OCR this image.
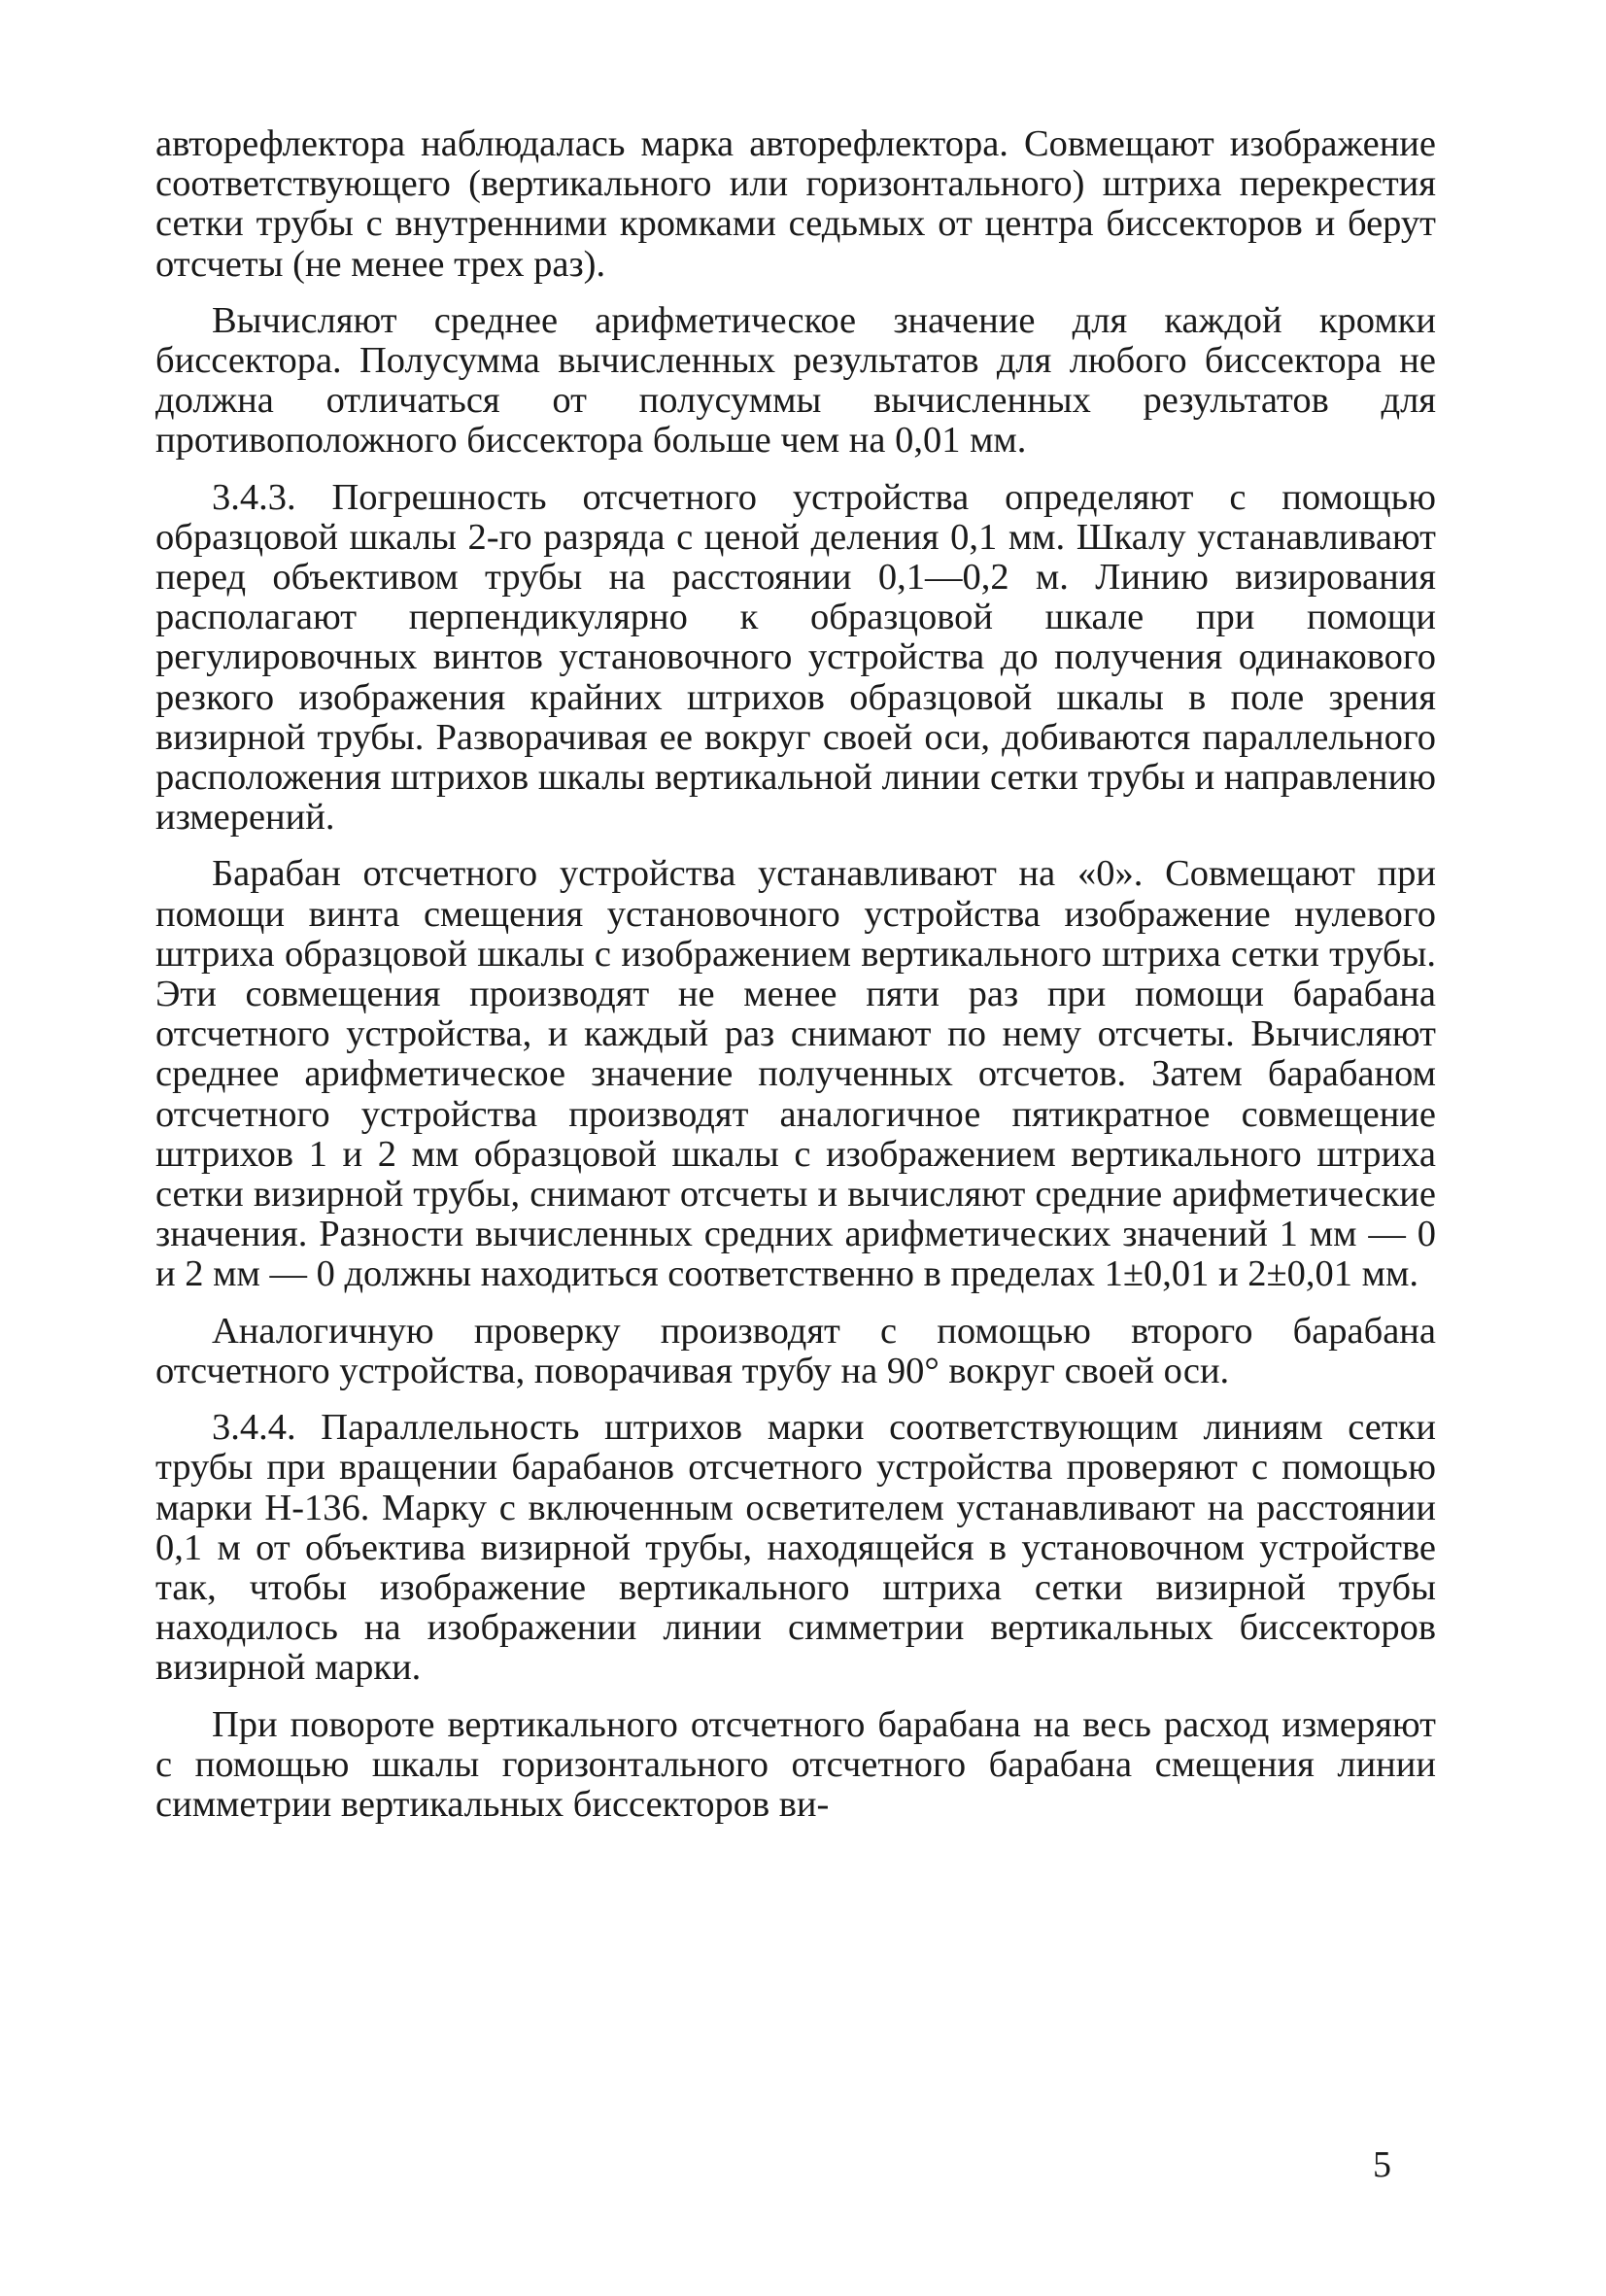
авторефлектора наблюдалась марка авторефлектора. Совмещают изображение соответствующего (вертикального или горизонтального) штриха перекрестия сетки трубы с внутренними кромками седьмых от центра биссекторов и берут отсчеты (не менее трех раз).

Вычисляют среднее арифметическое значение для каждой кромки биссектора. Полусумма вычисленных результатов для любого биссектора не должна отличаться от полусуммы вычисленных результатов для противоположного биссектора больше чем на 0,01 мм.

3.4.3. Погрешность отсчетного устройства определяют с помощью образцовой шкалы 2-го разряда с ценой деления 0,1 мм. Шкалу устанавливают перед объективом трубы на расстоянии 0,1—0,2 м. Линию визирования располагают перпендикулярно к образцовой шкале при помощи регулировочных винтов установочного устройства до получения одинакового резкого изображения крайних штрихов образцовой шкалы в поле зрения визирной трубы. Разворачивая ее вокруг своей оси, добиваются параллельного расположения штрихов шкалы вертикальной линии сетки трубы и направлению измерений.

Барабан отсчетного устройства устанавливают на «0». Совмещают при помощи винта смещения установочного устройства изображение нулевого штриха образцовой шкалы с изображением вертикального штриха сетки трубы. Эти совмещения производят не менее пяти раз при помощи барабана отсчетного устройства, и каждый раз снимают по нему отсчеты. Вычисляют среднее арифметическое значение полученных отсчетов. Затем барабаном отсчетного устройства производят аналогичное пятикратное совмещение штрихов 1 и 2 мм образцовой шкалы с изображением вертикального штриха сетки визирной трубы, снимают отсчеты и вычисляют средние арифметические значения. Разности вычисленных средних арифметических значений 1 мм — 0 и 2 мм — 0 должны находиться соответственно в пределах 1±0,01 и 2±0,01 мм.

Аналогичную проверку производят с помощью второго барабана отсчетного устройства, поворачивая трубу на 90° вокруг своей оси.

3.4.4. Параллельность штрихов марки соответствующим линиям сетки трубы при вращении барабанов отсчетного устройства проверяют с помощью марки Н-136. Марку с включенным осветителем устанавливают на расстоянии 0,1 м от объектива визирной трубы, находящейся в установочном устройстве так, чтобы изображение вертикального штриха сетки визирной трубы находилось на изображении линии симметрии вертикальных биссекторов визирной марки.

При повороте вертикального отсчетного барабана на весь расход измеряют с помощью шкалы горизонтального отсчетного барабана смещения линии симметрии вертикальных биссекторов ви-

5
